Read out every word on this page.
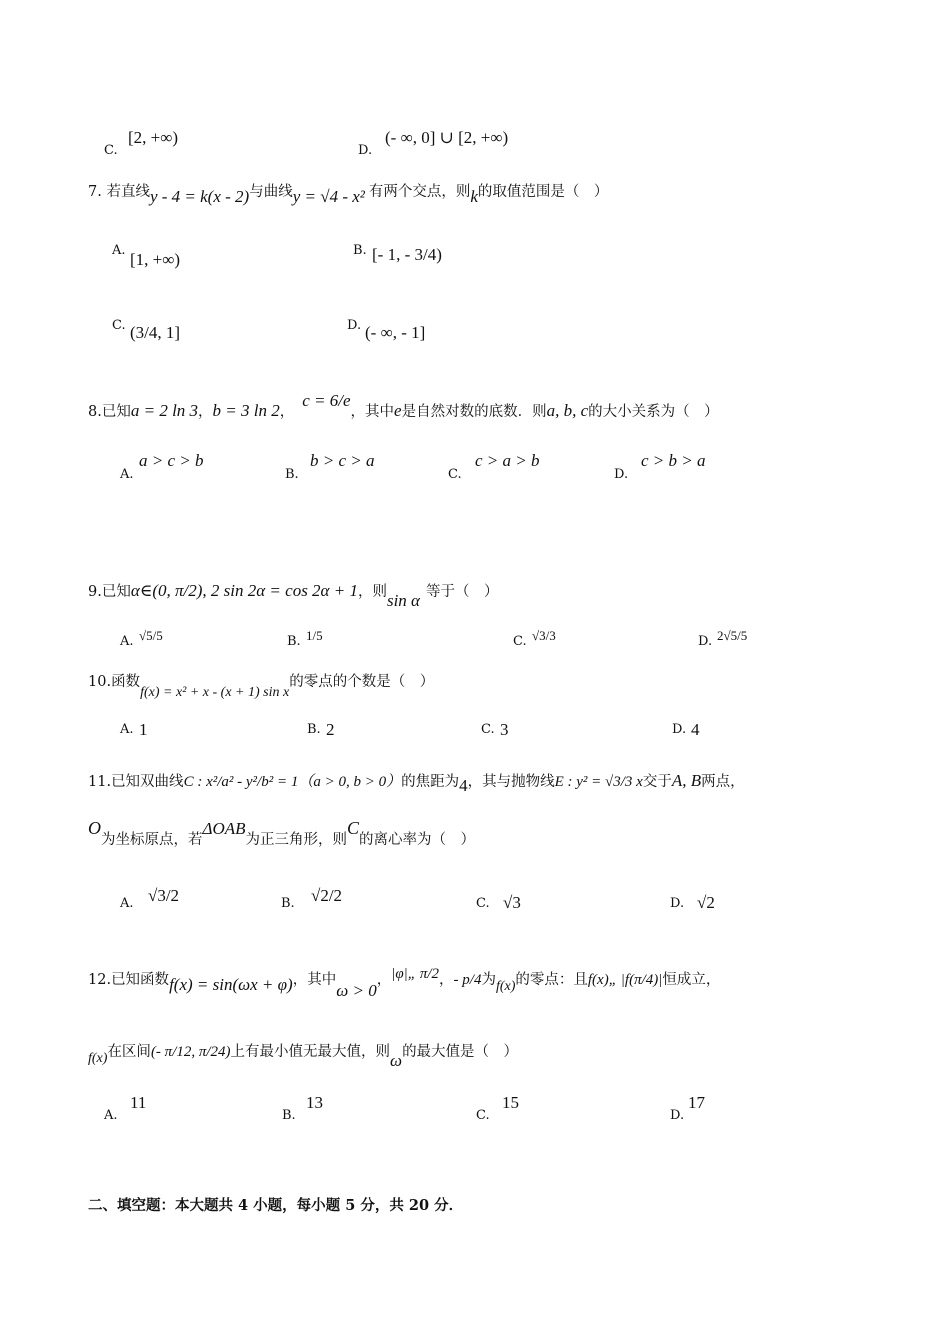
C.
[2, +∞)
D.
(- ∞, 0] ∪ [2, +∞)
7. 若直线y - 4 = k(x - 2)与曲线y = √4 - x² 有两个交点，则k的取值范围是（　）
A. [1, +∞)	B. [- 1, - 3/4)
C. (3/4, 1]	D. (- ∞, - 1]
8.已知a = 2 ln 3，b = 3 ln 2，c = 6/e，其中e是自然对数的底数．则a, b, c的大小关系为（　）
A.
a > c > b
B.
b > c > a
C.
c > a > b
D.
c > b > a
9.已知α∈(0, π/2), 2 sin 2α = cos 2α + 1，则sin α 等于（　）
A. √5/5	B. 1/5	C. √3/3	D. 2√5/5
10.函数f(x) = x² + x - (x + 1) sin x的零点的个数是（　）
A. 1	B. 2	C. 3	D. 4
11.已知双曲线C : x²/a² - y²/b² = 1（a > 0, b > 0）的焦距为4，其与抛物线E : y² = √3/3 x交于A, B两点，
O为坐标原点，若ΔOAB为正三角形，则C的离心率为（　）
A. √3/2	B. √2/2	C. √3	D. √2
12.已知函数f(x) = sin(ωx + φ)，其中ω > 0，|φ|„ π/2，- p/4为f(x)的零点：且f(x)„ |f(π/4)|恒成立，
f(x)在区间(- π/12, π/24)上有最小值无最大值，则ω的最大值是（　）
A.
11
B.
13
C.
15
D.
17
二、填空题：本大题共 4 小题，每小题 5 分，共 20 分．
